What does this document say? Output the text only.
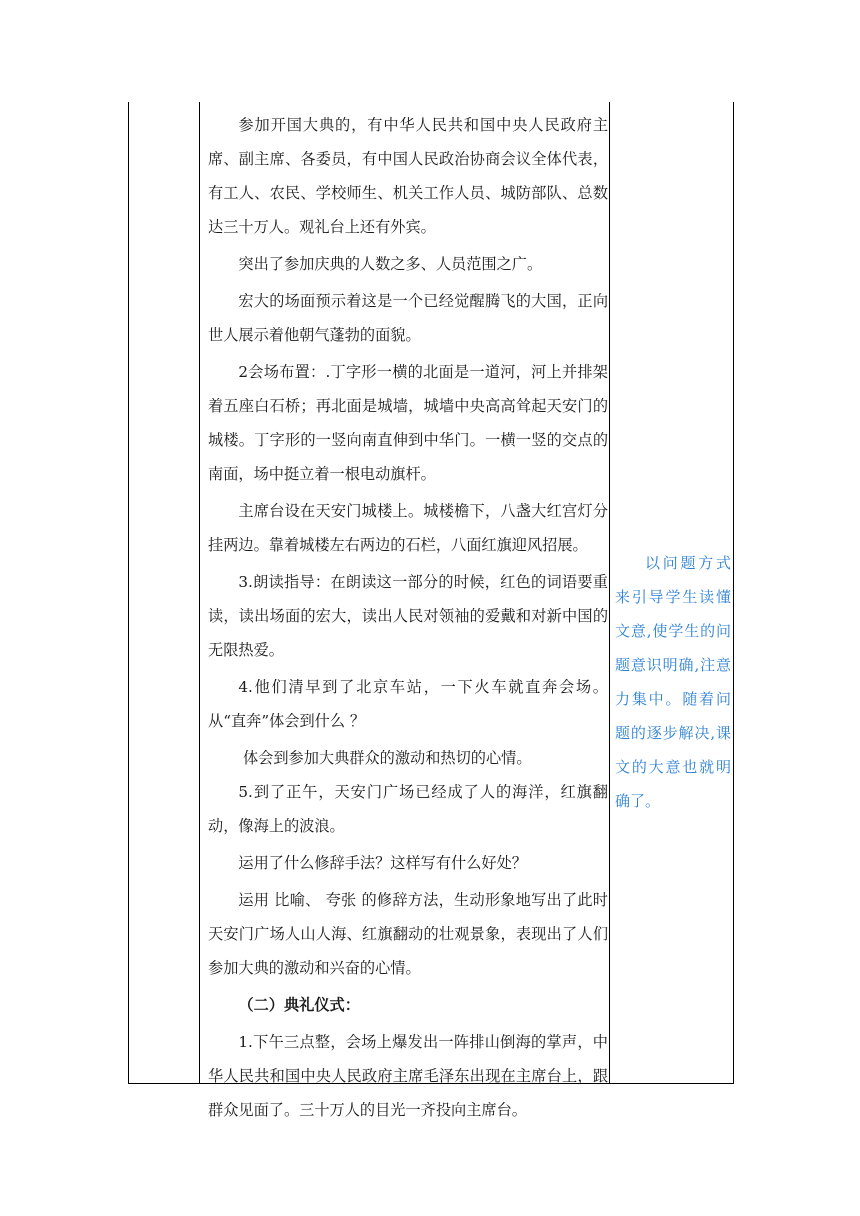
参加开国大典的，有中华人民共和国中央人民政府主席、副主席、各委员，有中国人民政治协商会议全体代表，有工人、农民、学校师生、机关工作人员、城防部队、总数达三十万人。观礼台上还有外宾。

突出了参加庆典的人数之多、人员范围之广。

宏大的场面预示着这是一个已经觉醒腾飞的大国，正向世人展示着他朝气蓬勃的面貌。

2会场布置：.丁字形一横的北面是一道河，河上并排架着五座白石桥；再北面是城墙，城墙中央高高耸起天安门的城楼。丁字形的一竖向南直伸到中华门。一横一竖的交点的南面，场中挺立着一根电动旗杆。

主席台设在天安门城楼上。城楼檐下，八盏大红宫灯分挂两边。靠着城楼左右两边的石栏，八面红旗迎风招展。

3.朗读指导：在朗读这一部分的时候，红色的词语要重读，读出场面的宏大，读出人民对领袖的爱戴和对新中国的无限热爱。

4.他们清早到了北京车站，一下火车就直奔会场。从“直奔”体会到什么 ？

体会到参加大典群众的激动和热切的心情。

5.到了正午，天安门广场已经成了人的海洋，红旗翻动，像海上的波浪。

运用了什么修辞手法？这样写有什么好处？

运用 比喻、 夸张 的修辞方法，生动形象地写出了此时天安门广场人山人海、红旗翻动的壮观景象，表现出了人们参加大典的激动和兴奋的心情。

（二）典礼仪式：

1.下午三点整，会场上爆发出一阵排山倒海的掌声，中华人民共和国中央人民政府主席毛泽东出现在主席台上，跟群众见面了。三十万人的目光一齐投向主席台。

以问题方式来引导学生读懂文意,使学生的问题意识明确,注意力集中。随着问题的逐步解决,课文的大意也就明确了。
